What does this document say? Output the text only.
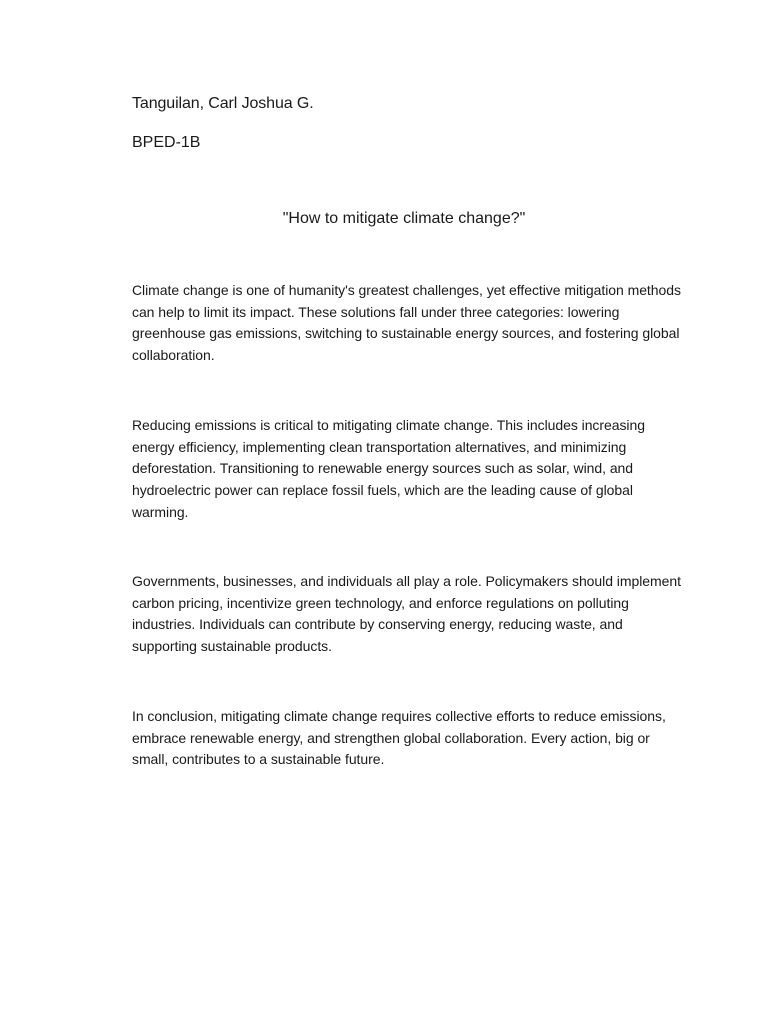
Tanguilan, Carl Joshua G.
BPED-1B
"How to mitigate climate change?"

Climate change is one of humanity's greatest challenges, yet effective mitigation methods can help to limit its impact. These solutions fall under three categories: lowering greenhouse gas emissions, switching to sustainable energy sources, and fostering global collaboration.

Reducing emissions is critical to mitigating climate change. This includes increasing energy efficiency, implementing clean transportation alternatives, and minimizing deforestation. Transitioning to renewable energy sources such as solar, wind, and hydroelectric power can replace fossil fuels, which are the leading cause of global warming.

Governments, businesses, and individuals all play a role. Policymakers should implement carbon pricing, incentivize green technology, and enforce regulations on polluting industries. Individuals can contribute by conserving energy, reducing waste, and supporting sustainable products.

In conclusion, mitigating climate change requires collective efforts to reduce emissions, embrace renewable energy, and strengthen global collaboration. Every action, big or small, contributes to a sustainable future.
